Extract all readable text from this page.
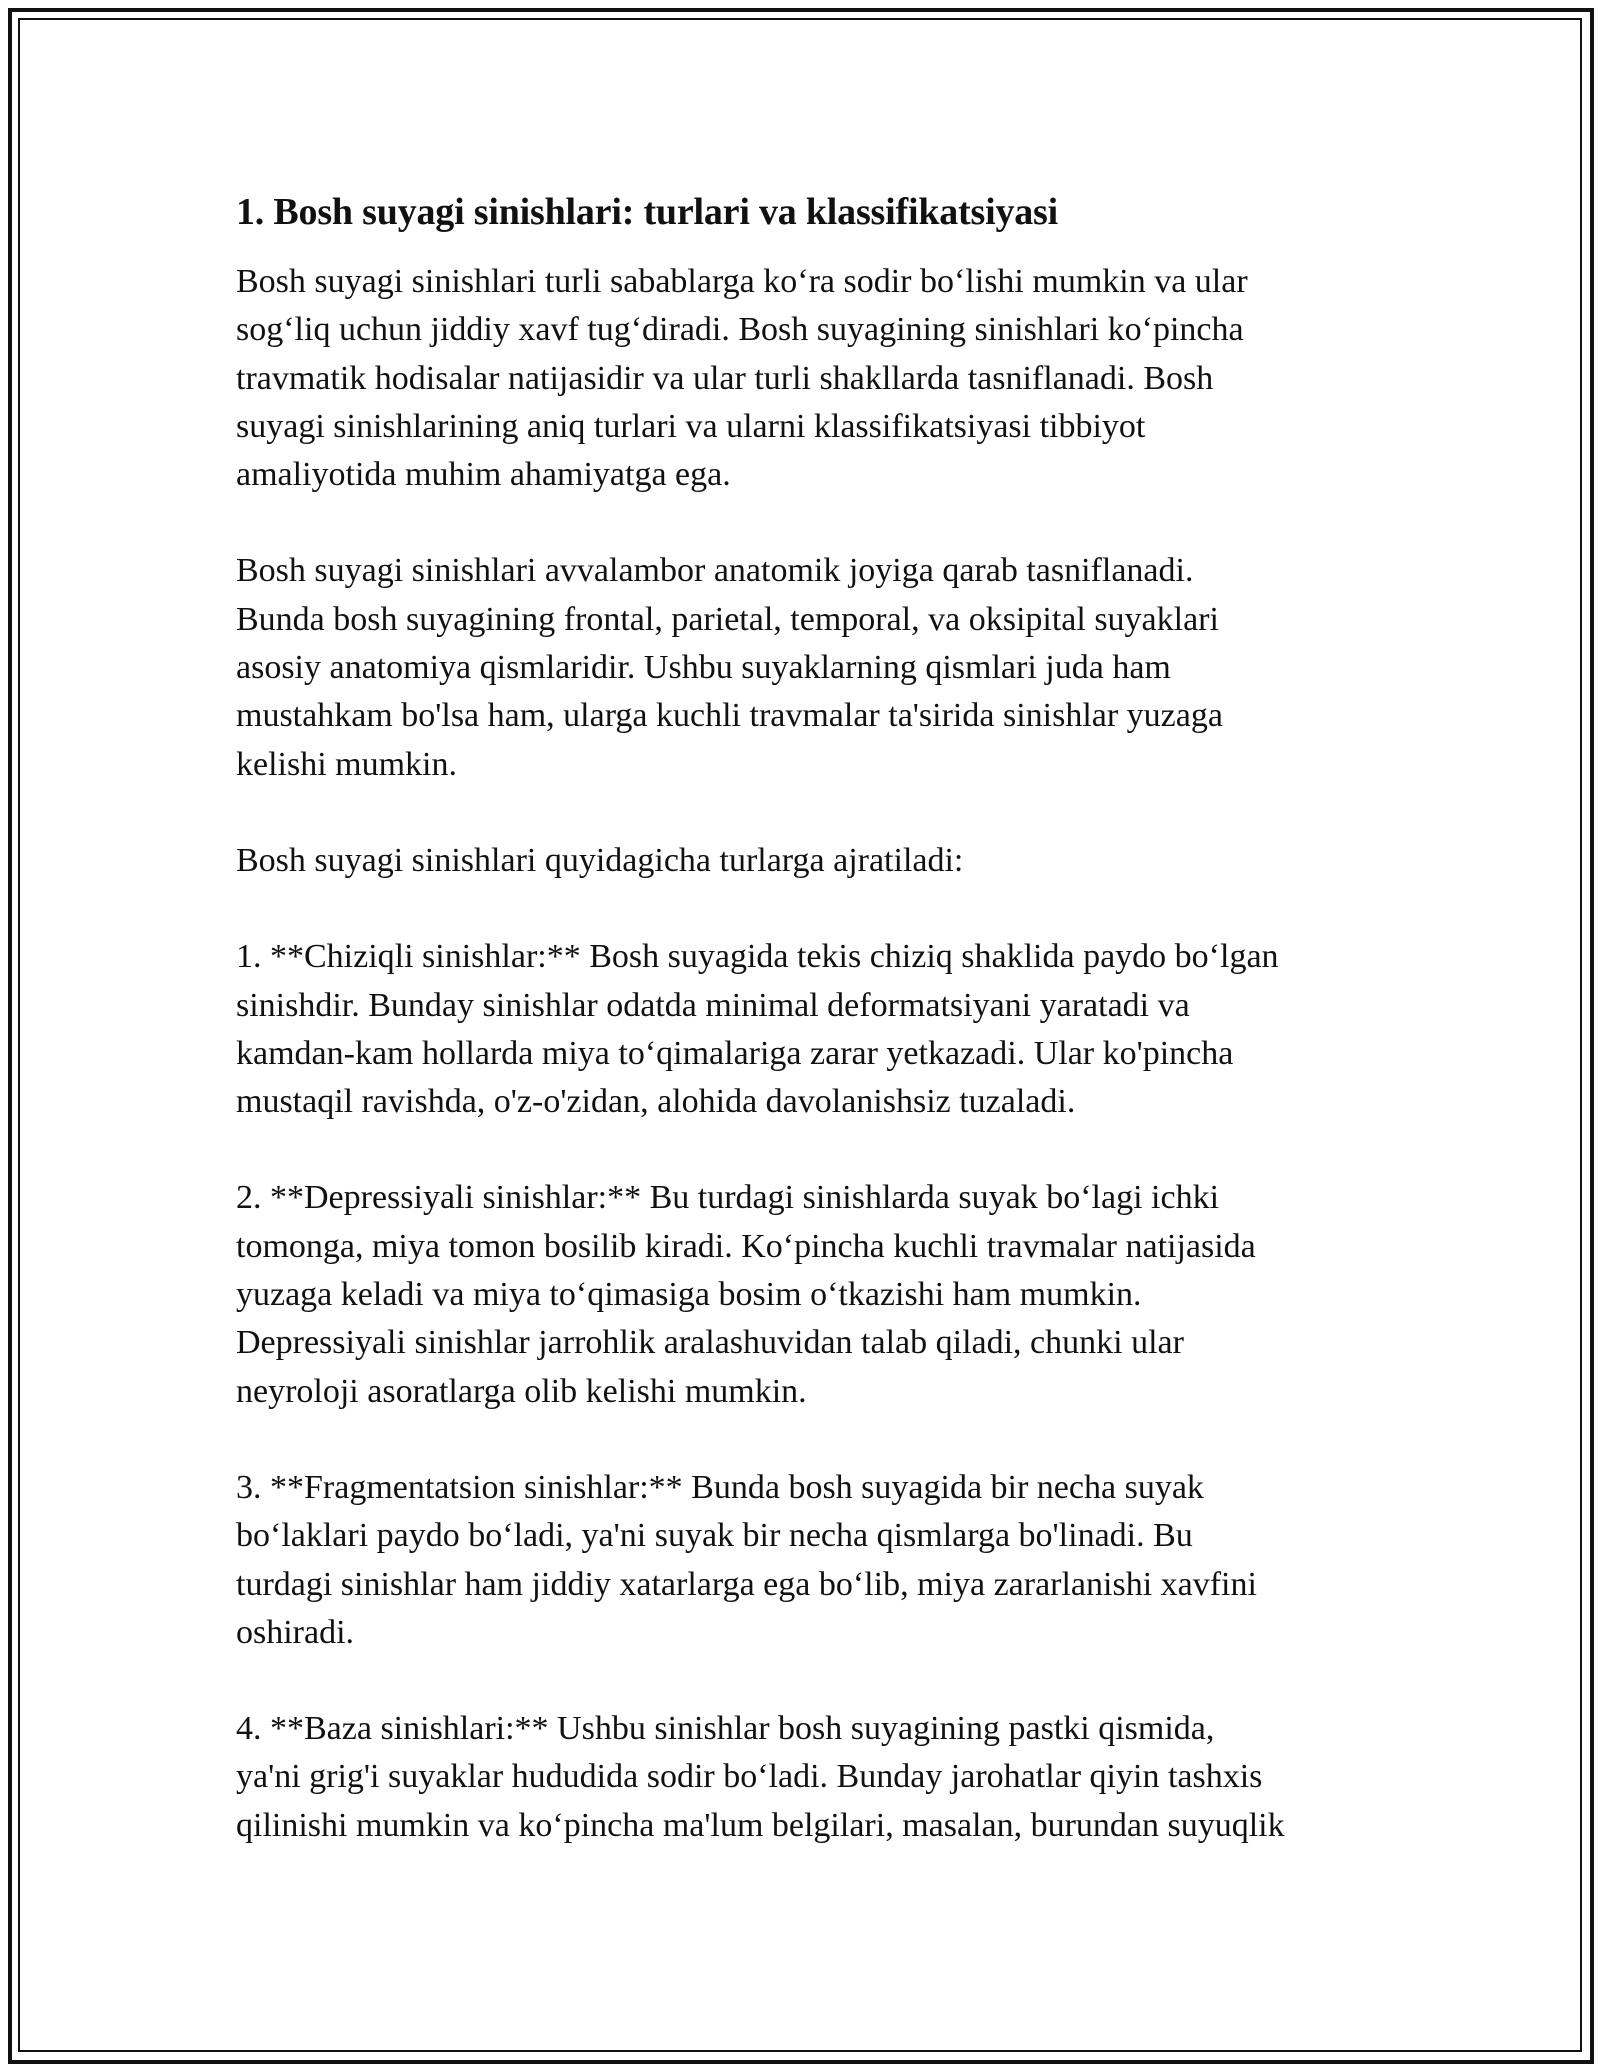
1. Bosh suyagi sinishlari: turlari va klassifikatsiyasi

Bosh suyagi sinishlari turli sabablarga ko‘ra sodir bo‘lishi mumkin va ular
sog‘liq uchun jiddiy xavf tug‘diradi. Bosh suyagining sinishlari ko‘pincha
travmatik hodisalar natijasidir va ular turli shakllarda tasniflanadi. Bosh
suyagi sinishlarining aniq turlari va ularni klassifikatsiyasi tibbiyot
amaliyotida muhim ahamiyatga ega.

Bosh suyagi sinishlari avvalambor anatomik joyiga qarab tasniflanadi.
Bunda bosh suyagining frontal, parietal, temporal, va oksipital suyaklari
asosiy anatomiya qismlaridir. Ushbu suyaklarning qismlari juda ham
mustahkam bo'lsa ham, ularga kuchli travmalar ta'sirida sinishlar yuzaga
kelishi mumkin.

Bosh suyagi sinishlari quyidagicha turlarga ajratiladi:

1. **Chiziqli sinishlar:** Bosh suyagida tekis chiziq shaklida paydo bo‘lgan
sinishdir. Bunday sinishlar odatda minimal deformatsiyani yaratadi va
kamdan-kam hollarda miya to‘qimalariga zarar yetkazadi. Ular ko'pincha
mustaqil ravishda, o'z-o'zidan, alohida davolanishsiz tuzaladi.

2. **Depressiyali sinishlar:** Bu turdagi sinishlarda suyak bo‘lagi ichki
tomonga, miya tomon bosilib kiradi. Ko‘pincha kuchli travmalar natijasida
yuzaga keladi va miya to‘qimasiga bosim o‘tkazishi ham mumkin.
Depressiyali sinishlar jarrohlik aralashuvidan talab qiladi, chunki ular
neyroloji asoratlarga olib kelishi mumkin.

3. **Fragmentatsion sinishlar:** Bunda bosh suyagida bir necha suyak
bo‘laklari paydo bo‘ladi, ya'ni suyak bir necha qismlarga bo'linadi. Bu
turdagi sinishlar ham jiddiy xatarlarga ega bo‘lib, miya zararlanishi xavfini
oshiradi.

4. **Baza sinishlari:** Ushbu sinishlar bosh suyagining pastki qismida,
ya'ni grig'i suyaklar hududida sodir bo‘ladi. Bunday jarohatlar qiyin tashxis
qilinishi mumkin va ko‘pincha ma'lum belgilari, masalan, burundan suyuqlik
